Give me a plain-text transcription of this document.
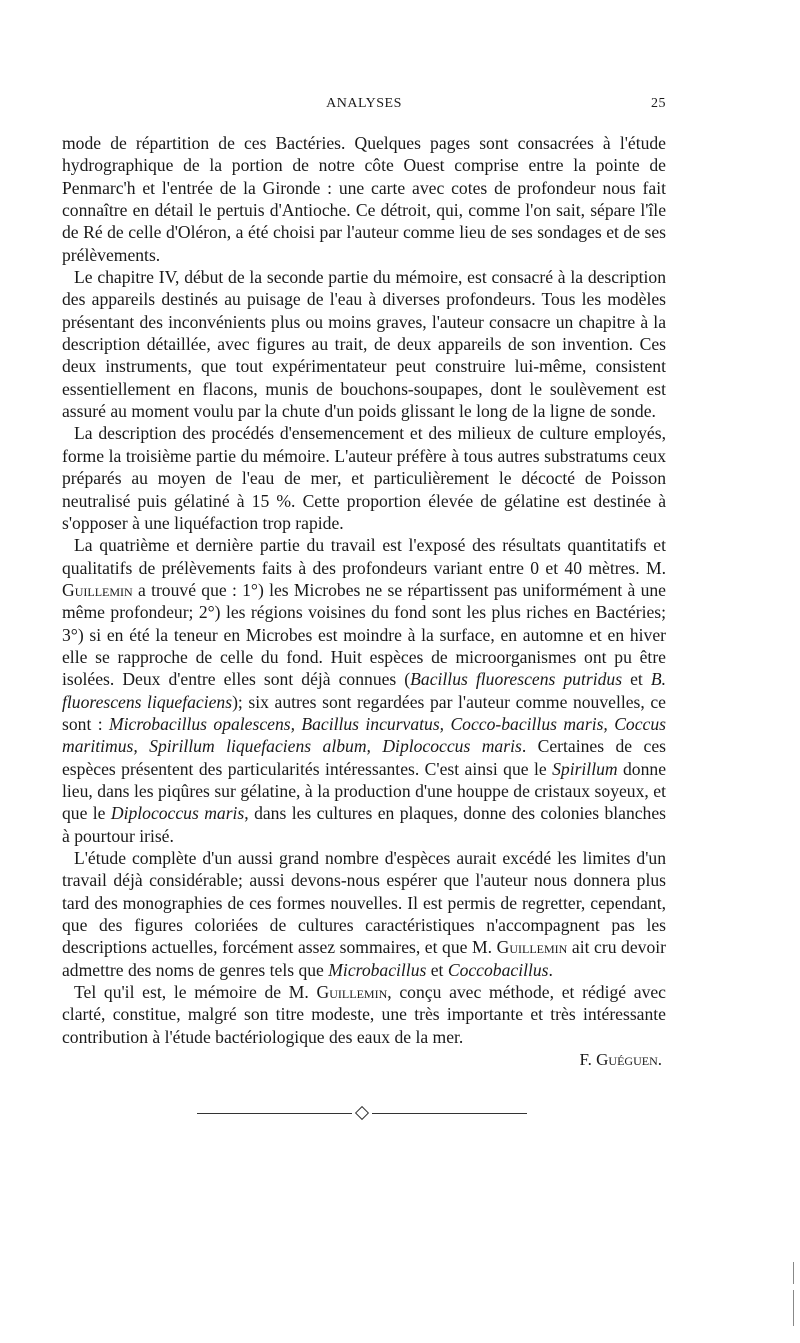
ANALYSES	25

mode de répartition de ces Bactéries. Quelques pages sont consacrées à l'étude hydrographique de la portion de notre côte Ouest comprise entre la pointe de Penmarc'h et l'entrée de la Gironde : une carte avec cotes de profondeur nous fait connaître en détail le pertuis d'Antioche. Ce détroit, qui, comme l'on sait, sépare l'île de Ré de celle d'Oléron, a été choisi par l'auteur comme lieu de ses sondages et de ses prélèvements.

Le chapitre IV, début de la seconde partie du mémoire, est consacré à la description des appareils destinés au puisage de l'eau à diverses profondeurs. Tous les modèles présentant des inconvénients plus ou moins graves, l'auteur consacre un chapitre à la description détaillée, avec figures au trait, de deux appareils de son invention. Ces deux instruments, que tout expérimentateur peut construire lui-même, consistent essentiellement en flacons, munis de bouchons-soupapes, dont le soulèvement est assuré au moment voulu par la chute d'un poids glissant le long de la ligne de sonde.

La description des procédés d'ensemencement et des milieux de culture employés, forme la troisième partie du mémoire. L'auteur préfère à tous autres substratums ceux préparés au moyen de l'eau de mer, et particulièrement le décocté de Poisson neutralisé puis gélatiné à 15 %. Cette proportion élevée de gélatine est destinée à s'opposer à une liquéfaction trop rapide.

La quatrième et dernière partie du travail est l'exposé des résultats quantitatifs et qualitatifs de prélèvements faits à des profondeurs variant entre 0 et 40 mètres. M. Guillemin a trouvé que : 1°) les Microbes ne se répartissent pas uniformément à une même profondeur; 2°) les régions voisines du fond sont les plus riches en Bactéries; 3°) si en été la teneur en Microbes est moindre à la surface, en automne et en hiver elle se rapproche de celle du fond. Huit espèces de microorganismes ont pu être isolées. Deux d'entre elles sont déjà connues (Bacillus fluorescens putridus et B. fluorescens liquefaciens); six autres sont regardées par l'auteur comme nouvelles, ce sont : Microbacillus opalescens, Bacillus incurvatus, Cocco-bacillus maris, Coccus maritimus, Spirillum liquefaciens album, Diplococcus maris. Certaines de ces espèces présentent des particularités intéressantes. C'est ainsi que le Spirillum donne lieu, dans les piqûres sur gélatine, à la production d'une houppe de cristaux soyeux, et que le Diplococcus maris, dans les cultures en plaques, donne des colonies blanches à pourtour irisé.

L'étude complète d'un aussi grand nombre d'espèces aurait excédé les limites d'un travail déjà considérable; aussi devons-nous espérer que l'auteur nous donnera plus tard des monographies de ces formes nouvelles. Il est permis de regretter, cependant, que des figures coloriées de cultures caractéristiques n'accompagnent pas les descriptions actuelles, forcément assez sommaires, et que M. Guillemin ait cru devoir admettre des noms de genres tels que Microbacillus et Coccobacillus.

Tel qu'il est, le mémoire de M. Guillemin, conçu avec méthode, et rédigé avec clarté, constitue, malgré son titre modeste, une très importante et très intéressante contribution à l'étude bactériologique des eaux de la mer.

F. Guéguen.
